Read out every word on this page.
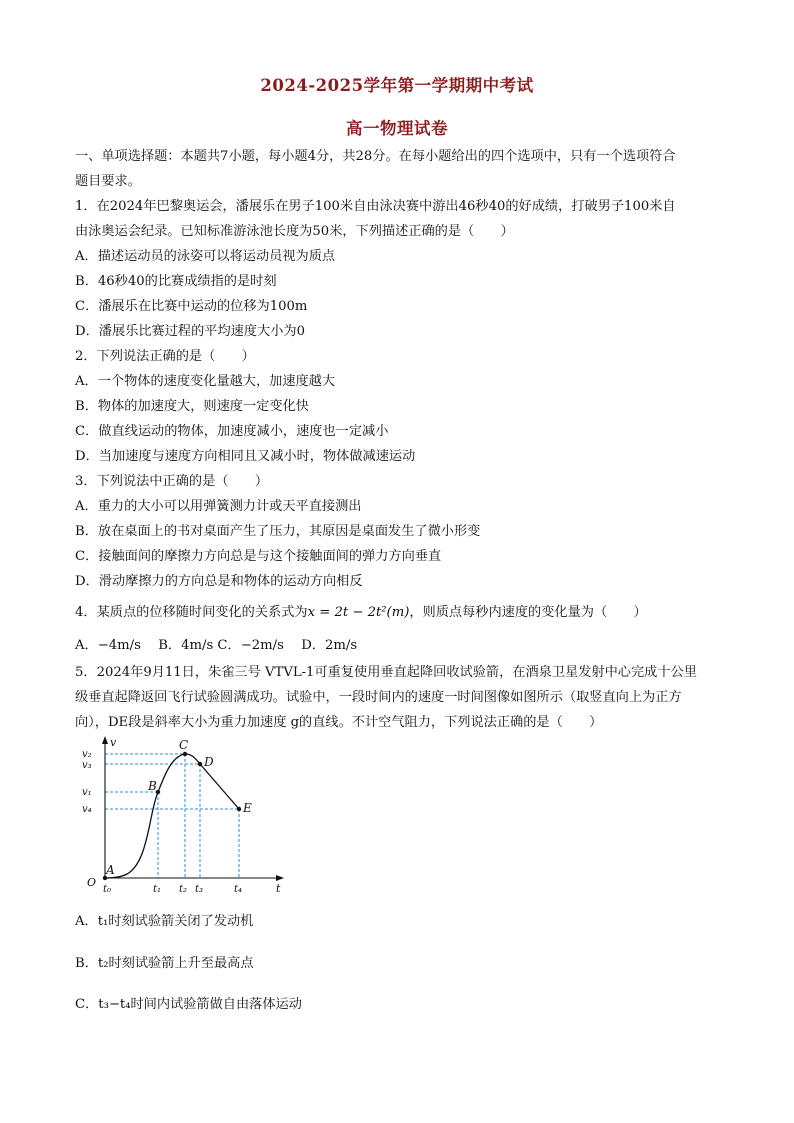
2024-2025学年第一学期期中考试
高一物理试卷
一、单项选择题：本题共7小题，每小题4分，共28分。在每小题给出的四个选项中，只有一个选项符合
题目要求。
1．在2024年巴黎奥运会，潘展乐在男子100米自由泳决赛中游出46秒40的好成绩，打破男子100米自
由泳奥运会纪录。已知标准游泳池长度为50米，下列描述正确的是（　　）
A．描述运动员的泳姿可以将运动员视为质点
B．46秒40的比赛成绩指的是时刻
C．潘展乐在比赛中运动的位移为100m
D．潘展乐比赛过程的平均速度大小为0
2．下列说法正确的是（　　）
A．一个物体的速度变化量越大，加速度越大
B．物体的加速度大，则速度一定变化快
C．做直线运动的物体，加速度减小，速度也一定减小
D．当加速度与速度方向相同且又减小时，物体做减速运动
3．下列说法中正确的是（　　）
A．重力的大小可以用弹簧测力计或天平直接测出
B．放在桌面上的书对桌面产生了压力，其原因是桌面发生了微小形变
C．接触面间的摩擦力方向总是与这个接触面间的弹力方向垂直
D．滑动摩擦力的方向总是和物体的运动方向相反
4．某质点的位移随时间变化的关系式为x = 2t − 2t²(m)，则质点每秒内速度的变化量为（　　）
A．−4m/s　 B．4m/s C．−2m/s　 D．2m/s
5．2024年9月11日，朱雀三号 VTVL-1可重复使用垂直起降回收试验箭，在酒泉卫星发射中心完成十公里
级垂直起降返回飞行试验圆满成功。试验中，一段时间内的速度一时间图像如图所示（取竖直向上为正方
向），DE段是斜率大小为重力加速度 g的直线。不计空气阻力，下列说法正确的是（　　）
v
t
O
v₂
v₃
v₁
v₄
t₀	t₁ t₂ t₃	t₄
A
B
C
D
E
A．t₁时刻试验箭关闭了发动机
B．t₂时刻试验箭上升至最高点
C．t₃−t₄时间内试验箭做自由落体运动
